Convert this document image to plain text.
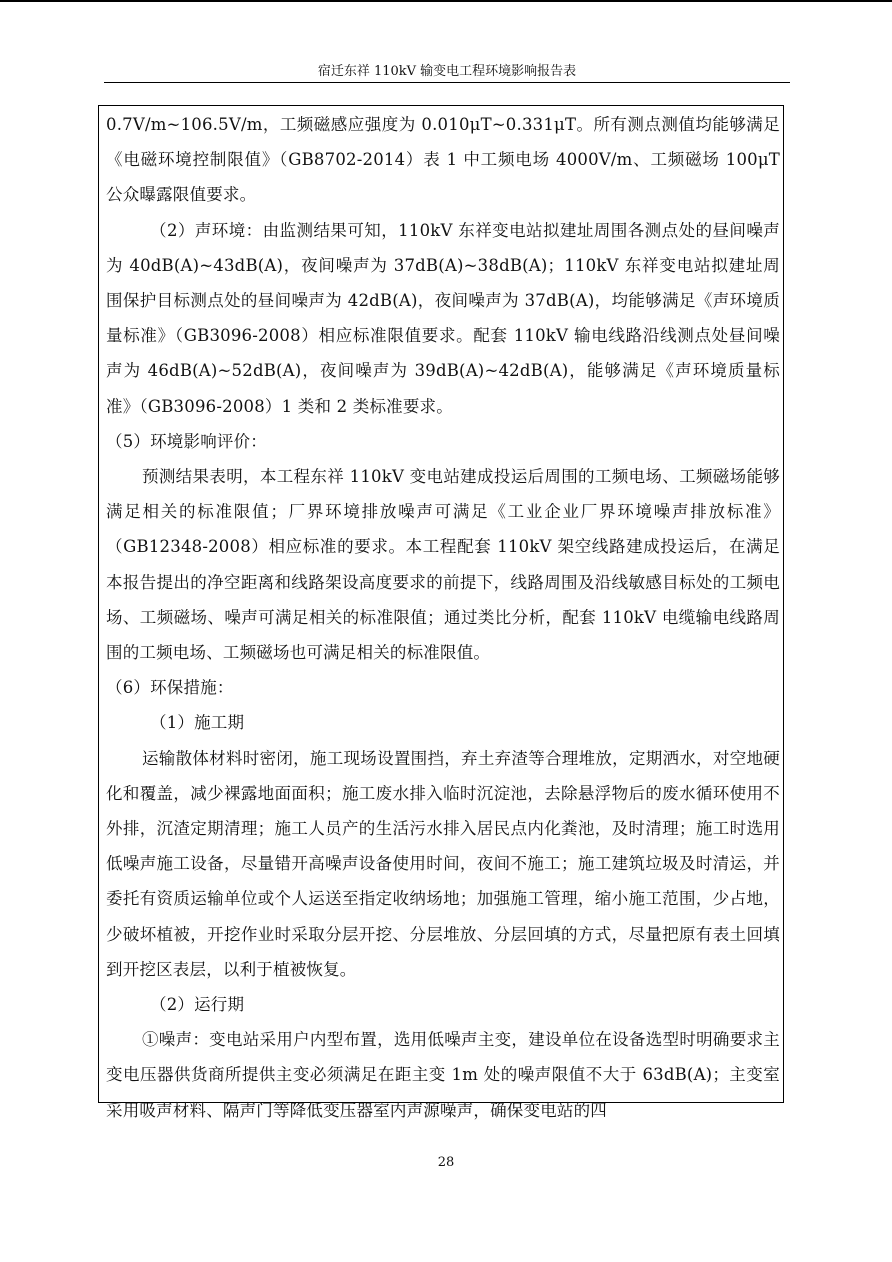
宿迁东祥 110kV 输变电工程环境影响报告表

0.7V/m~106.5V/m，工频磁感应强度为 0.010μT~0.331μT。所有测点测值均能够满足《电磁环境控制限值》（GB8702-2014）表 1 中工频电场 4000V/m、工频磁场 100μT 公众曝露限值要求。

（2）声环境：由监测结果可知，110kV 东祥变电站拟建址周围各测点处的昼间噪声为 40dB(A)~43dB(A)，夜间噪声为 37dB(A)~38dB(A)；110kV 东祥变电站拟建址周围保护目标测点处的昼间噪声为 42dB(A)，夜间噪声为 37dB(A)，均能够满足《声环境质量标准》（GB3096-2008）相应标准限值要求。配套 110kV 输电线路沿线测点处昼间噪声为 46dB(A)~52dB(A)，夜间噪声为 39dB(A)~42dB(A)，能够满足《声环境质量标准》（GB3096-2008）1 类和 2 类标准要求。

（5）环境影响评价：

预测结果表明，本工程东祥 110kV 变电站建成投运后周围的工频电场、工频磁场能够满足相关的标准限值；厂界环境排放噪声可满足《工业企业厂界环境噪声排放标准》（GB12348-2008）相应标准的要求。本工程配套 110kV 架空线路建成投运后，在满足本报告提出的净空距离和线路架设高度要求的前提下，线路周围及沿线敏感目标处的工频电场、工频磁场、噪声可满足相关的标准限值；通过类比分析，配套 110kV 电缆输电线路周围的工频电场、工频磁场也可满足相关的标准限值。

（6）环保措施：

（1）施工期

运输散体材料时密闭，施工现场设置围挡，弃土弃渣等合理堆放，定期洒水，对空地硬化和覆盖，减少裸露地面面积；施工废水排入临时沉淀池，去除悬浮物后的废水循环使用不外排，沉渣定期清理；施工人员产的生活污水排入居民点内化粪池，及时清理；施工时选用低噪声施工设备，尽量错开高噪声设备使用时间，夜间不施工；施工建筑垃圾及时清运，并委托有资质运输单位或个人运送至指定收纳场地；加强施工管理，缩小施工范围，少占地，少破坏植被，开挖作业时采取分层开挖、分层堆放、分层回填的方式，尽量把原有表土回填到开挖区表层，以利于植被恢复。

（2）运行期

①噪声：变电站采用户内型布置，选用低噪声主变，建设单位在设备选型时明确要求主变电压器供货商所提供主变必须满足在距主变 1m 处的噪声限值不大于 63dB(A)；主变室采用吸声材料、隔声门等降低变压器室内声源噪声，确保变电站的四

28
